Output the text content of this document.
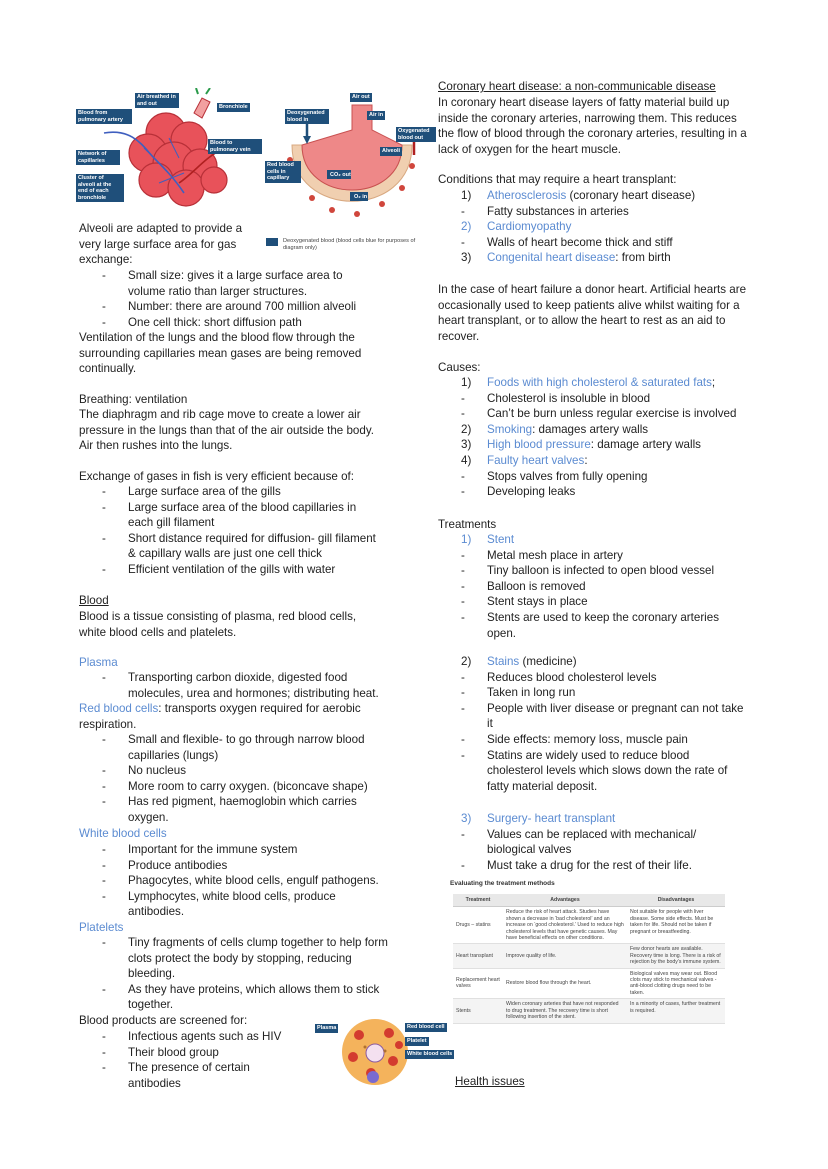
Blood from pulmonary artery
Air breathed in and out
Bronchiole
Network of capillaries
Blood to pulmonary vein
Cluster of alveoli at the end of each bronchiole
Deoxygenated blood in
Air out
Air in
Oxygenated blood out
Red blood cells in capillary
Alveoli
CO₂ out
O₂ in
Deoxygenated blood (blood cells blue for purposes of diagram only)
Alveoli are adapted to provide a very large surface area for gas exchange:
- Small size: gives it a large surface area to volume ratio than larger structures.
- Number: there are around 700 million alveoli
- One cell thick: short diffusion path
Ventilation of the lungs and the blood flow through the surrounding capillaries mean gases are being removed continually.
Breathing: ventilation
The diaphragm and rib cage move to create a lower air pressure in the lungs than that of the air outside the body. Air then rushes into the lungs.
Exchange of gases in fish is very efficient because of:
- Large surface area of the gills
- Large surface area of the blood capillaries in each gill filament
- Short distance required for diffusion- gill filament & capillary walls are just one cell thick
- Efficient ventilation of the gills with water
Blood
Blood is a tissue consisting of plasma, red blood cells, white blood cells and platelets.
Plasma
- Transporting carbon dioxide, digested food molecules, urea and hormones; distributing heat.
Red blood cells: transports oxygen required for aerobic respiration.
- Small and flexible- to go through narrow blood capillaries (lungs)
- No nucleus
- More room to carry oxygen. (biconcave shape)
- Has red pigment, haemoglobin which carries oxygen.
White blood cells
- Important for the immune system
- Produce antibodies
- Phagocytes, white blood cells, engulf pathogens.
- Lymphocytes, white blood cells, produce antibodies.
Platelets
- Tiny fragments of cells clump together to help form clots protect the body by stopping, reducing bleeding.
- As they have proteins, which allows them to stick together.
Blood products are screened for:
- Infectious agents such as HIV
- Their blood group
- The presence of certain antibodies
Plasma	Red blood cell
Platelet
White blood cells
Coronary heart disease: a non-communicable disease
In coronary heart disease layers of fatty material build up inside the coronary arteries, narrowing them. This reduces the flow of blood through the coronary arteries, resulting in a lack of oxygen for the heart muscle.
Conditions that may require a heart transplant:
1) Atherosclerosis (coronary heart disease)
- Fatty substances in arteries
2) Cardiomyopathy
- Walls of heart become thick and stiff
3) Congenital heart disease: from birth
In the case of heart failure a donor heart. Artificial hearts are occasionally used to keep patients alive whilst waiting for a heart transplant, or to allow the heart to rest as an aid to recover.
Causes:
1) Foods with high cholesterol & saturated fats;
- Cholesterol is insoluble in blood
- Can’t be burn unless regular exercise is involved
2) Smoking: damages artery walls
3) High blood pressure: damage artery walls
4) Faulty heart valves:
- Stops valves from fully opening
- Developing leaks
Treatments
1) Stent
- Metal mesh place in artery
- Tiny balloon is infected to open blood vessel
- Balloon is removed
- Stent stays in place
- Stents are used to keep the coronary arteries open.
2) Stains (medicine)
- Reduces blood cholesterol levels
- Taken in long run
- People with liver disease or pregnant can not take it
- Side effects: memory loss, muscle pain
- Statins are widely used to reduce blood cholesterol levels which slows down the rate of fatty material deposit.
3) Surgery- heart transplant
- Values can be replaced with mechanical/ biological valves
- Must take a drug for the rest of their life.
Evaluating the treatment methods
Treatment	Advantages	Disadvantages
Drugs – statins	Reduce the risk of heart attack. Studies have shown a decrease in ‘bad cholesterol’ and an increase on ‘good cholesterol.’ Used to reduce high cholesterol levels that have genetic causes. May have beneficial effects on other conditions.	Not suitable for people with liver disease. Some side effects. Must be taken for life. Should not be taken if pregnant or breastfeeding.
Heart transplant	Improve quality of life.	Few donor hearts are available. Recovery time is long. There is a risk of rejection by the body’s immune system.
Replacement heart valves	Restore blood flow through the heart.	Biological valves may wear out. Blood clots may stick to mechanical valves - anti-blood clotting drugs need to be taken.
Stents	Widen coronary arteries that have not responded to drug treatment. The recovery time is short following insertion of the stent.	In a minority of cases, further treatment is required.
Health issues
